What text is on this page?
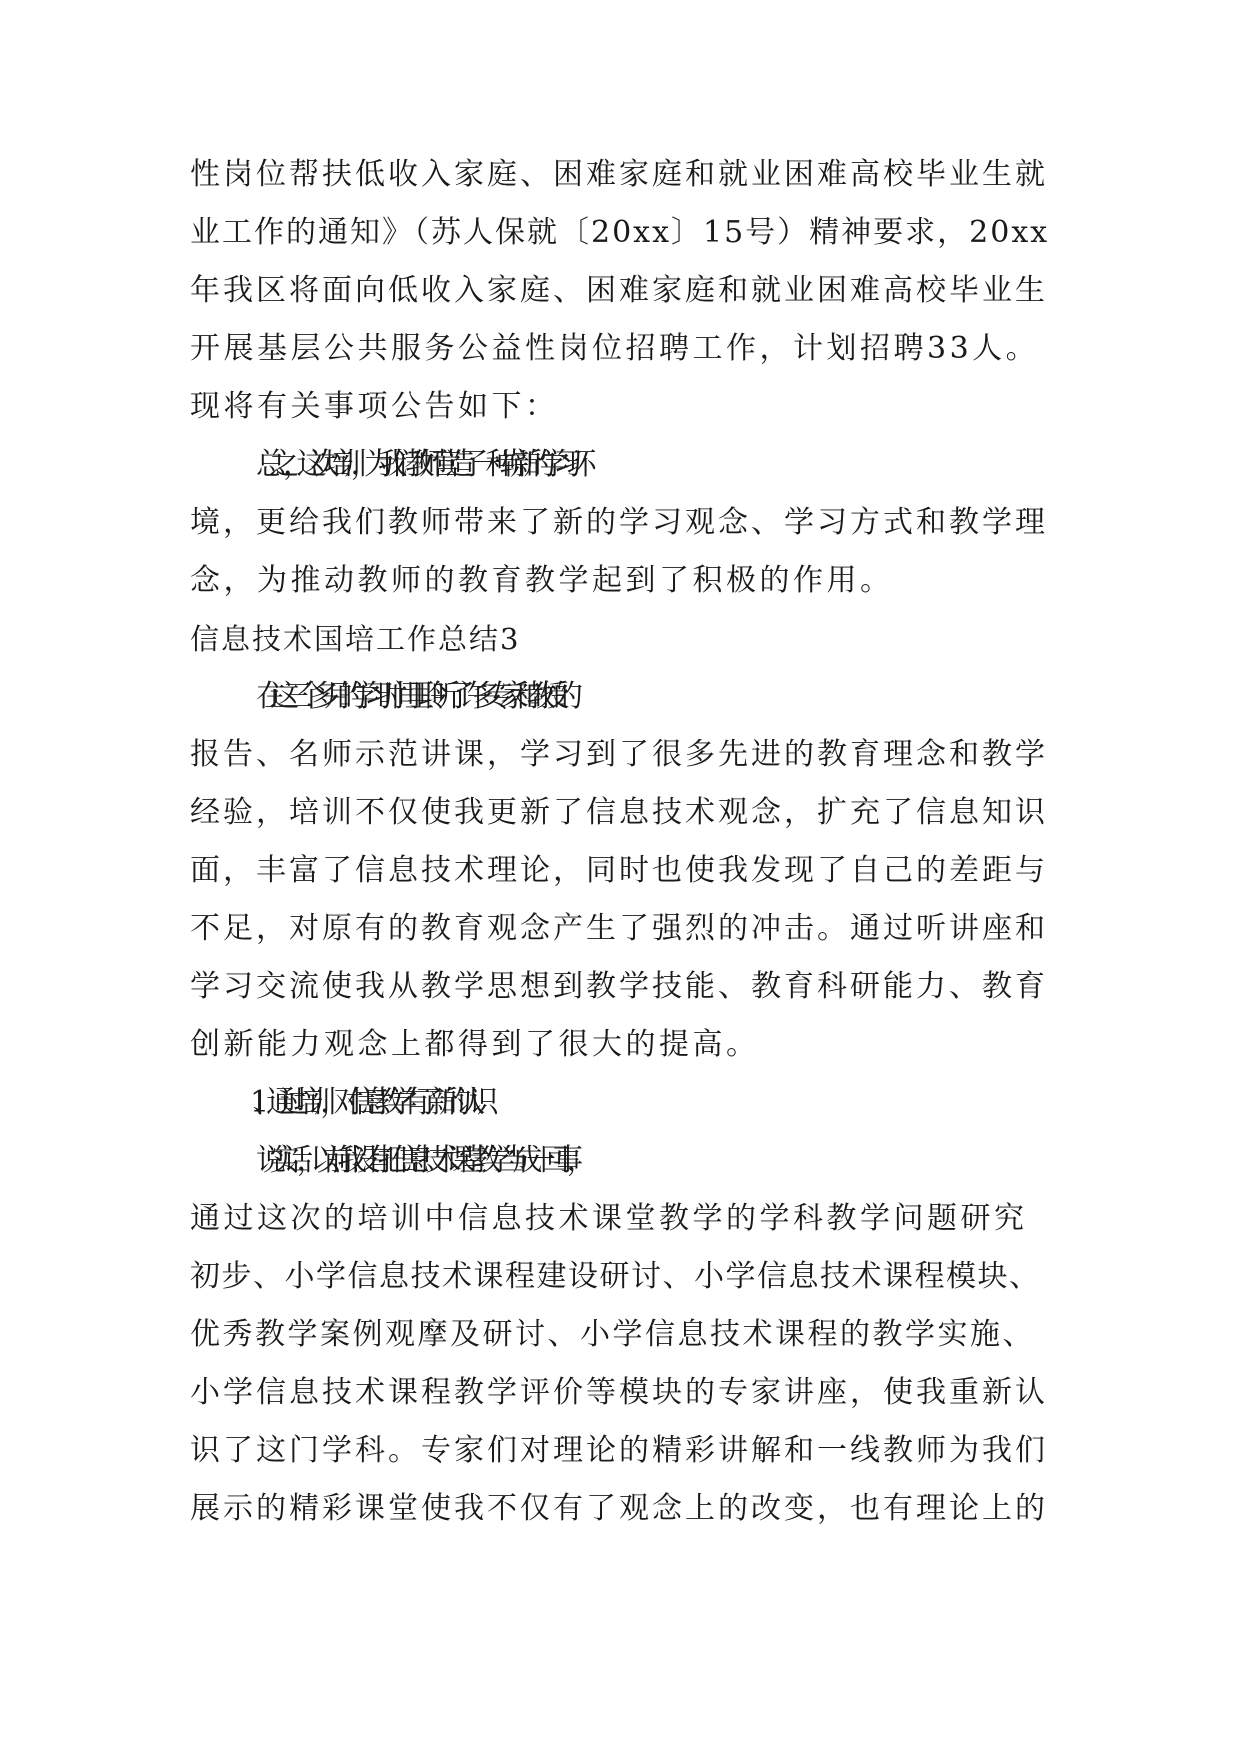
性岗位帮扶低收入家庭、困难家庭和就业困难高校毕业生就
业工作的通知》（苏人保就〔20xx〕15号）精神要求，20xx
年我区将面向低收入家庭、困难家庭和就业困难高校毕业生
开展基层公共服务公益性岗位招聘工作，计划招聘33人。
现将有关事项公告如下：
总之，这次培训，为我们教师营造了一种崭新的学习环
境，更给我们教师带来了新的学习观念、学习方式和教学理
念，为推动教师的教育教学起到了积极的作用。
信息技术国培工作总结3
在这三个多月的学习时间里聆听了许多专家和教授的
报告、名师示范讲课，学习到了很多先进的教育理念和教学
经验，培训不仅使我更新了信息技术观念，扩充了信息知识
面，丰富了信息技术理论，同时也使我发现了自己的差距与
不足，对原有的教育观念产生了强烈的冲击。通过听讲座和
学习交流使我从教学思想到教学技能、教育科研能力、教育
创新能力观念上都得到了很大的提高。
1、通过培训，对信息教学有了新的认识
说实话，以前我没有把信息技术课堂教学当成一回事，
通过这次的培训中信息技术课堂教学的学科教学问题研究
初步、小学信息技术课程建设研讨、小学信息技术课程模块、
优秀教学案例观摩及研讨、小学信息技术课程的教学实施、
小学信息技术课程教学评价等模块的专家讲座，使我重新认
识了这门学科。专家们对理论的精彩讲解和一线教师为我们
展示的精彩课堂使我不仅有了观念上的改变，也有理论上的
